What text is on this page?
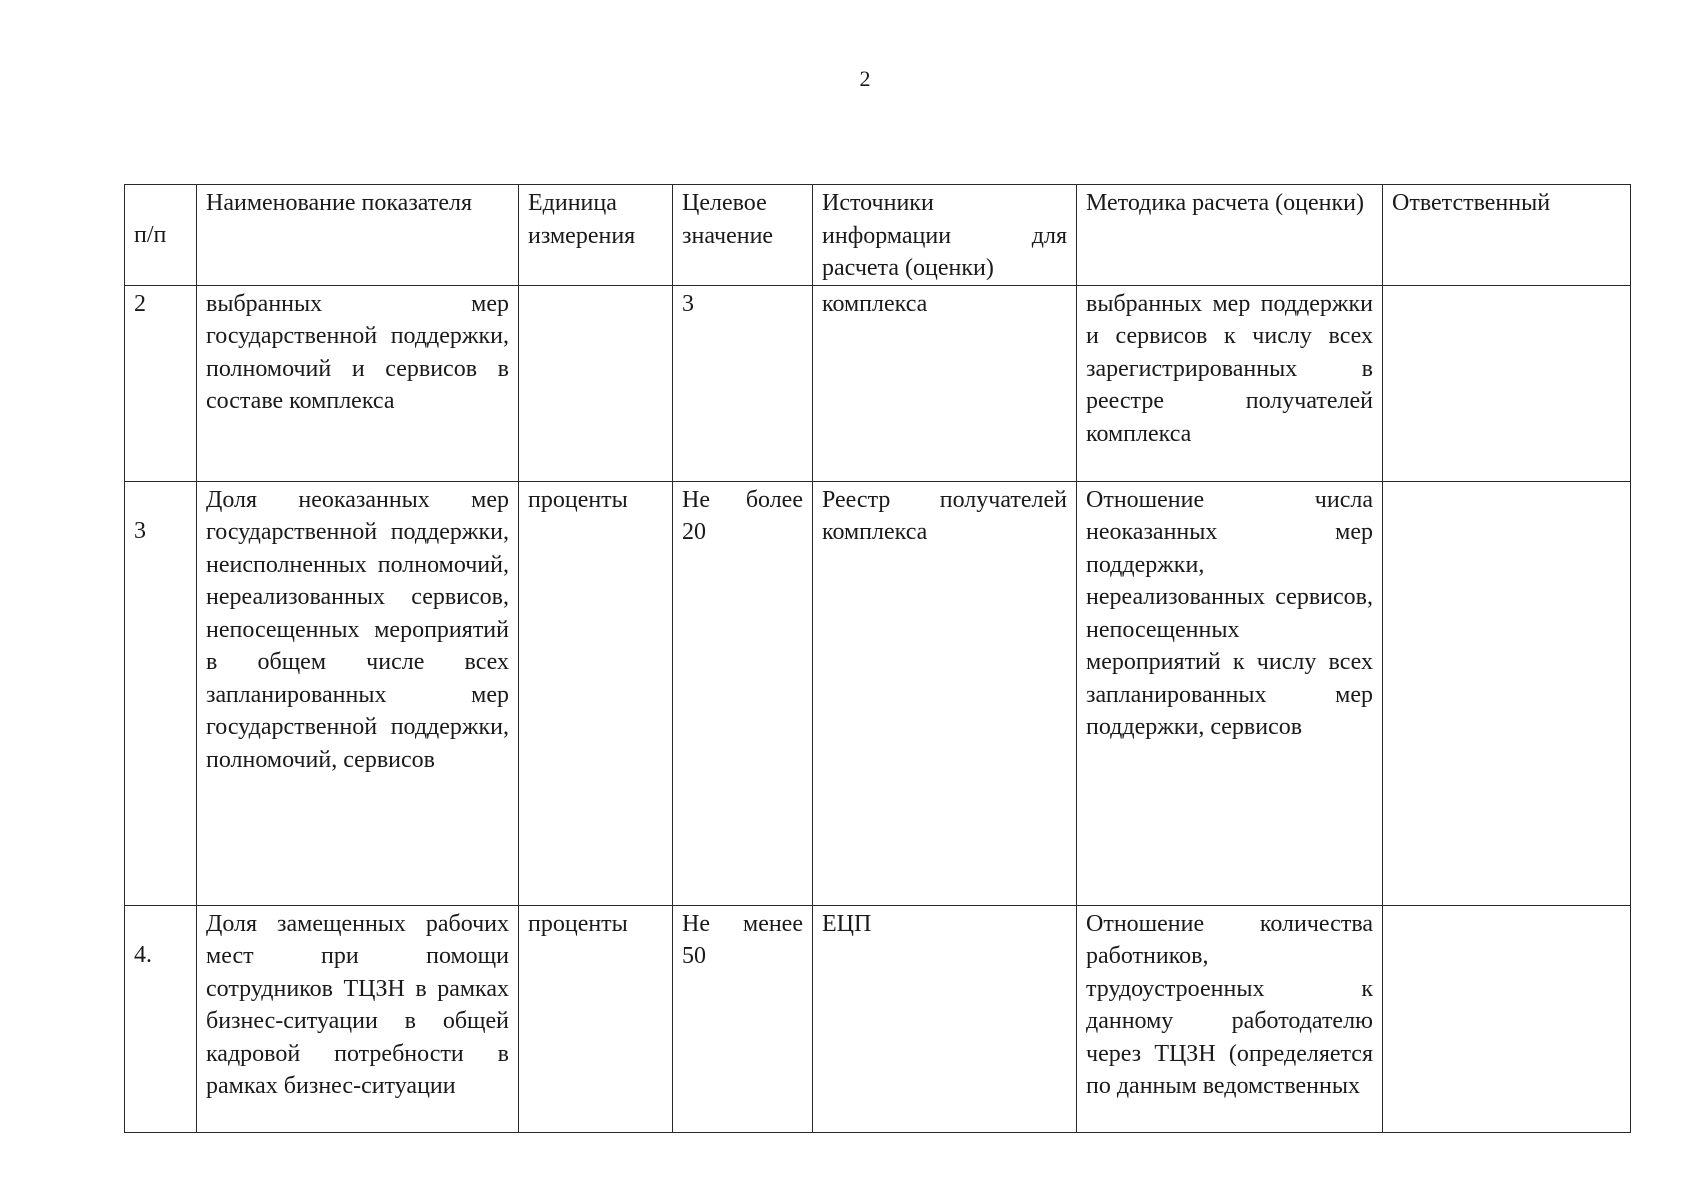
2
п/п	Наименование показателя	Единица измерения	Целевое значение	Источники информации для расчета (оценки)	Методика расчета (оценки)	Ответственный
2	выбранных мер государственной поддержки, полномочий и сервисов в составе комплекса		3	комплекса	выбранных мер поддержки и сервисов к числу всех зарегистрированных в реестре получателей комплекса	

3	Доля неоказанных мер государственной поддержки, неисполненных полномочий, нереализованных сервисов, непосещенных мероприятий в общем числе всех запланированных мер государственной поддержки, полномочий, сервисов	проценты	Не более 20	Реестр получателей комплекса	Отношение числа неоказанных мер поддержки, нереализованных сервисов, непосещенных мероприятий к числу всех запланированных мер поддержки, сервисов	

4.	Доля замещенных рабочих мест при помощи сотрудников ТЦЗН в рамках бизнес-ситуации в общей кадровой потребности в рамках бизнес-ситуации	проценты	Не менее 50	ЕЦП	Отношение количества работников, трудоустроенных к данному работодателю через ТЦЗН (определяется по данным ведомственных	
